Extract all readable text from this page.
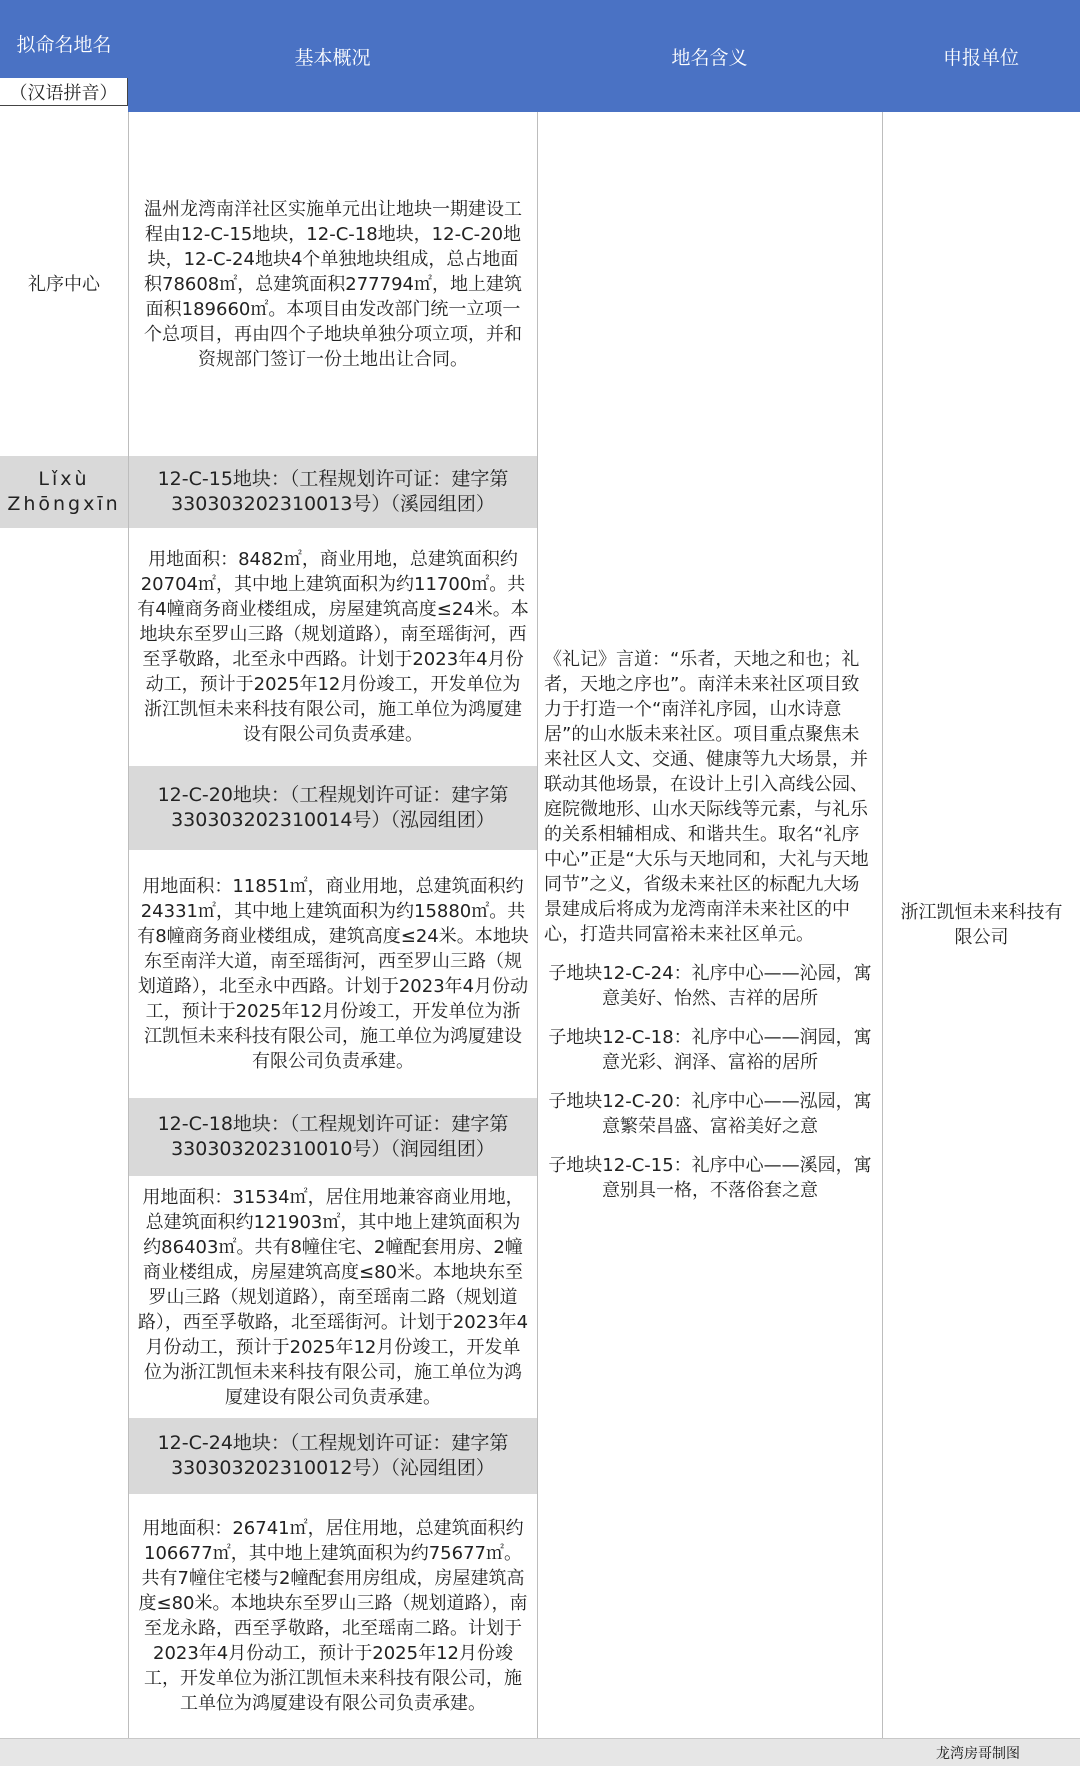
拟命名地名
（汉语拼音）
基本概况	地名含义	申报单位
礼序中心
Lǐxù
Zhōngxīn
温州龙湾南洋社区实施单元出让地块一期建设工程由12-C-15地块，12-C-18地块，12-C-20地块，12-C-24地块4个单独地块组成，总占地面积78608㎡，总建筑面积277794㎡，地上建筑面积189660㎡。本项目由发改部门统一立项一个总项目，再由四个子地块单独分项立项，并和资规部门签订一份土地出让合同。
12-C-15地块：（工程规划许可证：建字第330303202310013号）（溪园组团）
用地面积：8482㎡，商业用地，总建筑面积约 20704㎡，其中地上建筑面积为约11700㎡。共有4幢商务商业楼组成，房屋建筑高度≤24米。本地块东至罗山三路（规划道路），南至瑶街河，西至孚敬路，北至永中西路。计划于2023年4月份动工，预计于2025年12月份竣工，开发单位为浙江凯恒未来科技有限公司，施工单位为鸿厦建设有限公司负责承建。
12-C-20地块：（工程规划许可证：建字第330303202310014号）（泓园组团）
用地面积：11851㎡，商业用地，总建筑面积约24331㎡，其中地上建筑面积为约15880㎡。共有8幢商务商业楼组成，建筑高度≤24米。本地块东至南洋大道，南至瑶街河，西至罗山三路（规划道路），北至永中西路。计划于2023年4月份动工，预计于2025年12月份竣工，开发单位为浙江凯恒未来科技有限公司，施工单位为鸿厦建设有限公司负责承建。
12-C-18地块：（工程规划许可证：建字第330303202310010号）（润园组团）
用地面积：31534㎡，居住用地兼容商业用地，总建筑面积约121903㎡，其中地上建筑面积为约86403㎡。共有8幢住宅、2幢配套用房、2幢商业楼组成，房屋建筑高度≤80米。本地块东至罗山三路（规划道路），南至瑶南二路（规划道路），西至孚敬路，北至瑶街河。计划于2023年4月份动工，预计于2025年12月份竣工，开发单位为浙江凯恒未来科技有限公司，施工单位为鸿厦建设有限公司负责承建。
12-C-24地块：（工程规划许可证：建字第330303202310012号）（沁园组团）
用地面积：26741㎡，居住用地，总建筑面积约106677㎡，其中地上建筑面积为约75677㎡。共有7幢住宅楼与2幢配套用房组成，房屋建筑高度≤80米。本地块东至罗山三路（规划道路），南至龙永路，西至孚敬路，北至瑶南二路。计划于2023年4月份动工，预计于2025年12月份竣工，开发单位为浙江凯恒未来科技有限公司，施工单位为鸿厦建设有限公司负责承建。
《礼记》言道：“乐者，天地之和也；礼者，天地之序也”。南洋未来社区项目致力于打造一个“南洋礼序园，山水诗意居”的山水版未来社区。项目重点聚焦未来社区人文、交通、健康等九大场景，并联动其他场景，在设计上引入高线公园、庭院微地形、山水天际线等元素，与礼乐的关系相辅相成、和谐共生。取名“礼序中心”正是“大乐与天地同和，大礼与天地同节”之义，省级未来社区的标配九大场景建成后将成为龙湾南洋未来社区的中心，打造共同富裕未来社区单元。
子地块12-C-24：礼序中心——沁园，寓意美好、怡然、吉祥的居所
子地块12-C-18：礼序中心——润园，寓意光彩、润泽、富裕的居所
子地块12-C-20：礼序中心——泓园，寓意繁荣昌盛、富裕美好之意
子地块12-C-15：礼序中心——溪园，寓意别具一格，不落俗套之意
浙江凯恒未来科技有限公司
龙湾房哥制图
